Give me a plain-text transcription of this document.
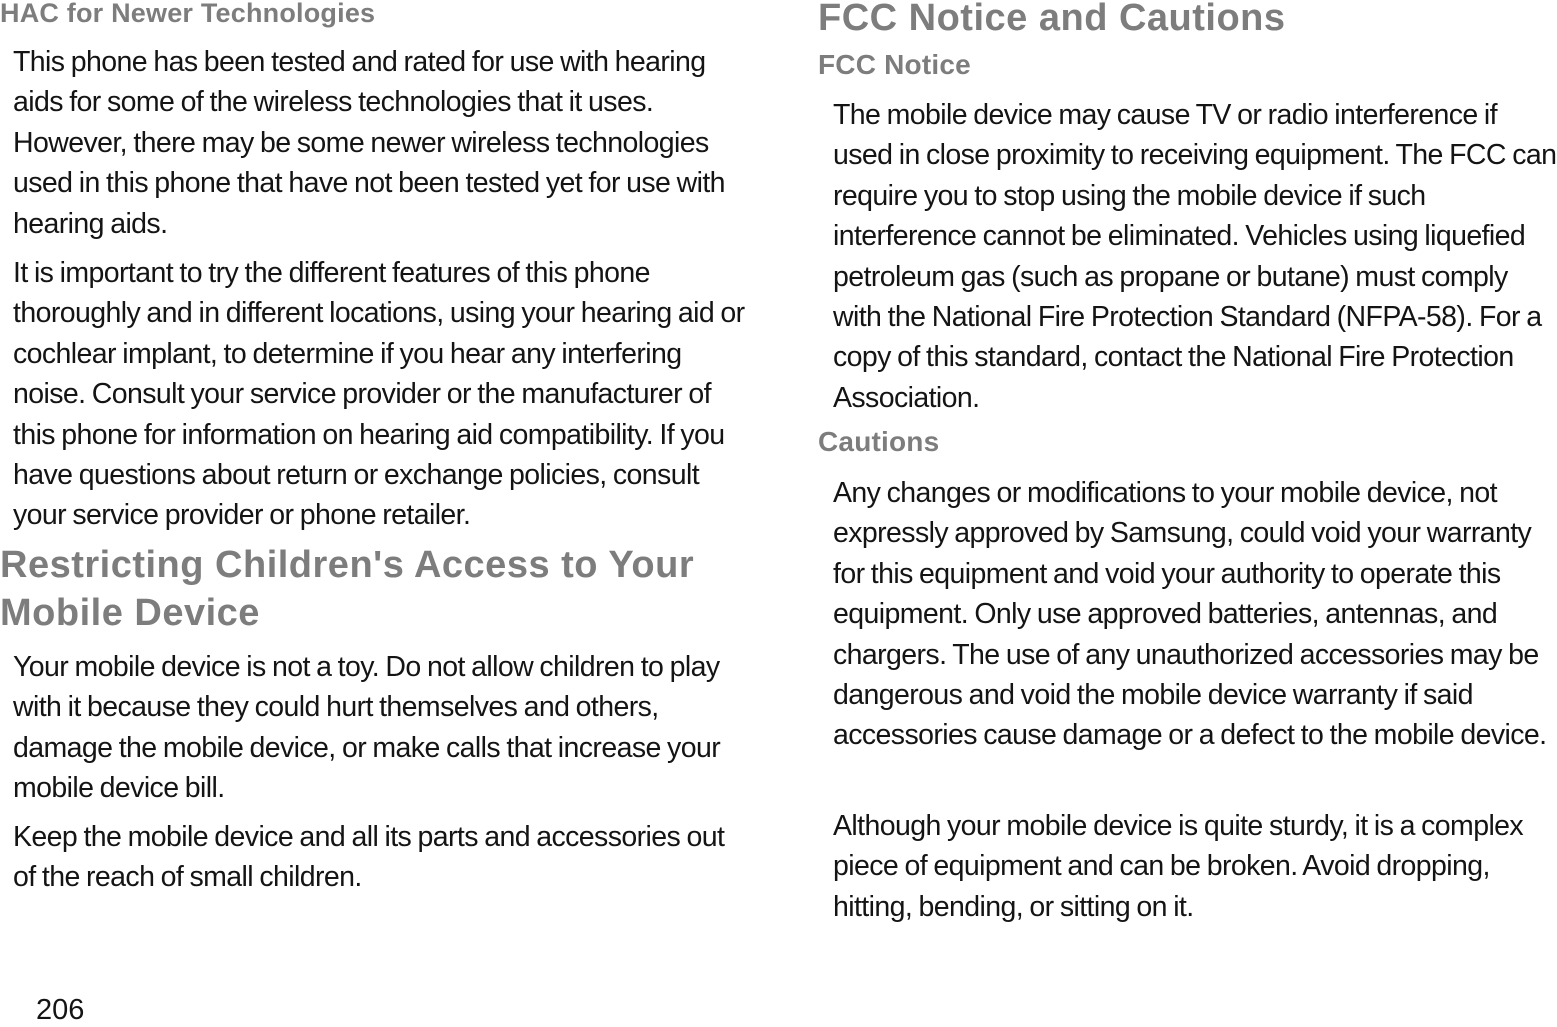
HAC for Newer Technologies

This phone has been tested and rated for use with hearing aids for some of the wireless technologies that it uses. However, there may be some newer wireless technologies used in this phone that have not been tested yet for use with hearing aids.

It is important to try the different features of this phone thoroughly and in different locations, using your hearing aid or cochlear implant, to determine if you hear any interfering noise. Consult your service provider or the manufacturer of this phone for information on hearing aid compatibility. If you have questions about return or exchange policies, consult your service provider or phone retailer.

Restricting Children's Access to Your Mobile Device

Your mobile device is not a toy. Do not allow children to play with it because they could hurt themselves and others, damage the mobile device, or make calls that increase your mobile device bill.

Keep the mobile device and all its parts and accessories out of the reach of small children.

FCC Notice and Cautions
FCC Notice

The mobile device may cause TV or radio interference if used in close proximity to receiving equipment. The FCC can require you to stop using the mobile device if such interference cannot be eliminated. Vehicles using liquefied petroleum gas (such as propane or butane) must comply with the National Fire Protection Standard (NFPA-58). For a copy of this standard, contact the National Fire Protection Association.

Cautions

Any changes or modifications to your mobile device, not expressly approved by Samsung, could void your warranty for this equipment and void your authority to operate this equipment. Only use approved batteries, antennas, and chargers. The use of any unauthorized accessories may be dangerous and void the mobile device warranty if said accessories cause damage or a defect to the mobile device.

Although your mobile device is quite sturdy, it is a complex piece of equipment and can be broken. Avoid dropping, hitting, bending, or sitting on it.

206
